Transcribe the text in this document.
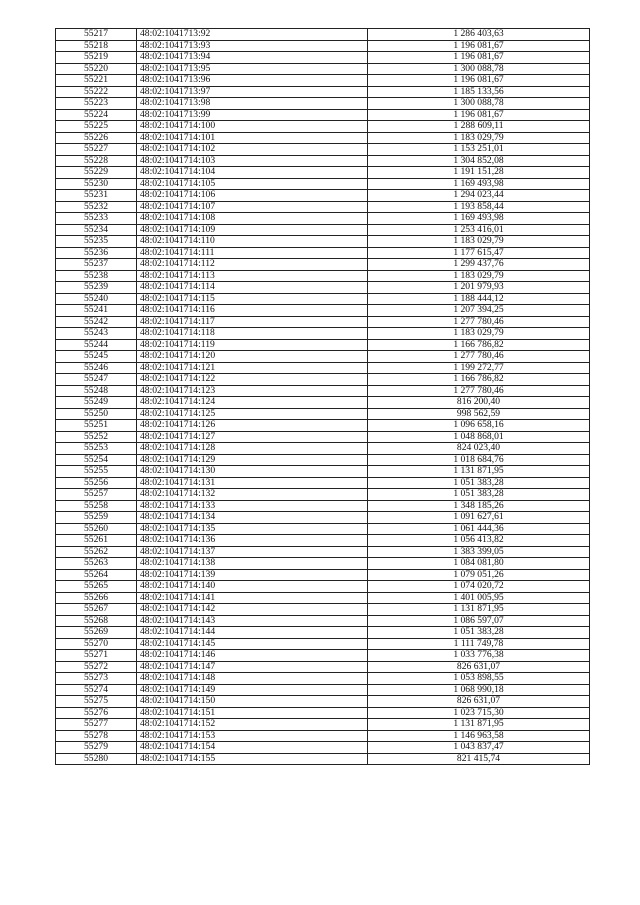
55217	48:02:1041713:92	1 286 403,63
55218	48:02:1041713:93	1 196 081,67
55219	48:02:1041713:94	1 196 081,67
55220	48:02:1041713:95	1 300 088,78
55221	48:02:1041713:96	1 196 081,67
55222	48:02:1041713:97	1 185 133,56
55223	48:02:1041713:98	1 300 088,78
55224	48:02:1041713:99	1 196 081,67
55225	48:02:1041714:100	1 288 609,11
55226	48:02:1041714:101	1 183 029,79
55227	48:02:1041714:102	1 153 251,01
55228	48:02:1041714:103	1 304 852,08
55229	48:02:1041714:104	1 191 151,28
55230	48:02:1041714:105	1 169 493,98
55231	48:02:1041714:106	1 294 023,44
55232	48:02:1041714:107	1 193 858,44
55233	48:02:1041714:108	1 169 493,98
55234	48:02:1041714:109	1 253 416,01
55235	48:02:1041714:110	1 183 029,79
55236	48:02:1041714:111	1 177 615,47
55237	48:02:1041714:112	1 299 437,76
55238	48:02:1041714:113	1 183 029,79
55239	48:02:1041714:114	1 201 979,93
55240	48:02:1041714:115	1 188 444,12
55241	48:02:1041714:116	1 207 394,25
55242	48:02:1041714:117	1 277 780,46
55243	48:02:1041714:118	1 183 029,79
55244	48:02:1041714:119	1 166 786,82
55245	48:02:1041714:120	1 277 780,46
55246	48:02:1041714:121	1 199 272,77
55247	48:02:1041714:122	1 166 786,82
55248	48:02:1041714:123	1 277 780,46
55249	48:02:1041714:124	816 200,40
55250	48:02:1041714:125	998 562,59
55251	48:02:1041714:126	1 096 658,16
55252	48:02:1041714:127	1 048 868,01
55253	48:02:1041714:128	824 023,40
55254	48:02:1041714:129	1 018 684,76
55255	48:02:1041714:130	1 131 871,95
55256	48:02:1041714:131	1 051 383,28
55257	48:02:1041714:132	1 051 383,28
55258	48:02:1041714:133	1 348 185,26
55259	48:02:1041714:134	1 091 627,61
55260	48:02:1041714:135	1 061 444,36
55261	48:02:1041714:136	1 056 413,82
55262	48:02:1041714:137	1 383 399,05
55263	48:02:1041714:138	1 084 081,80
55264	48:02:1041714:139	1 079 051,26
55265	48:02:1041714:140	1 074 020,72
55266	48:02:1041714:141	1 401 005,95
55267	48:02:1041714:142	1 131 871,95
55268	48:02:1041714:143	1 086 597,07
55269	48:02:1041714:144	1 051 383,28
55270	48:02:1041714:145	1 111 749,78
55271	48:02:1041714:146	1 033 776,38
55272	48:02:1041714:147	826 631,07
55273	48:02:1041714:148	1 053 898,55
55274	48:02:1041714:149	1 068 990,18
55275	48:02:1041714:150	826 631,07
55276	48:02:1041714:151	1 023 715,30
55277	48:02:1041714:152	1 131 871,95
55278	48:02:1041714:153	1 146 963,58
55279	48:02:1041714:154	1 043 837,47
55280	48:02:1041714:155	821 415,74
